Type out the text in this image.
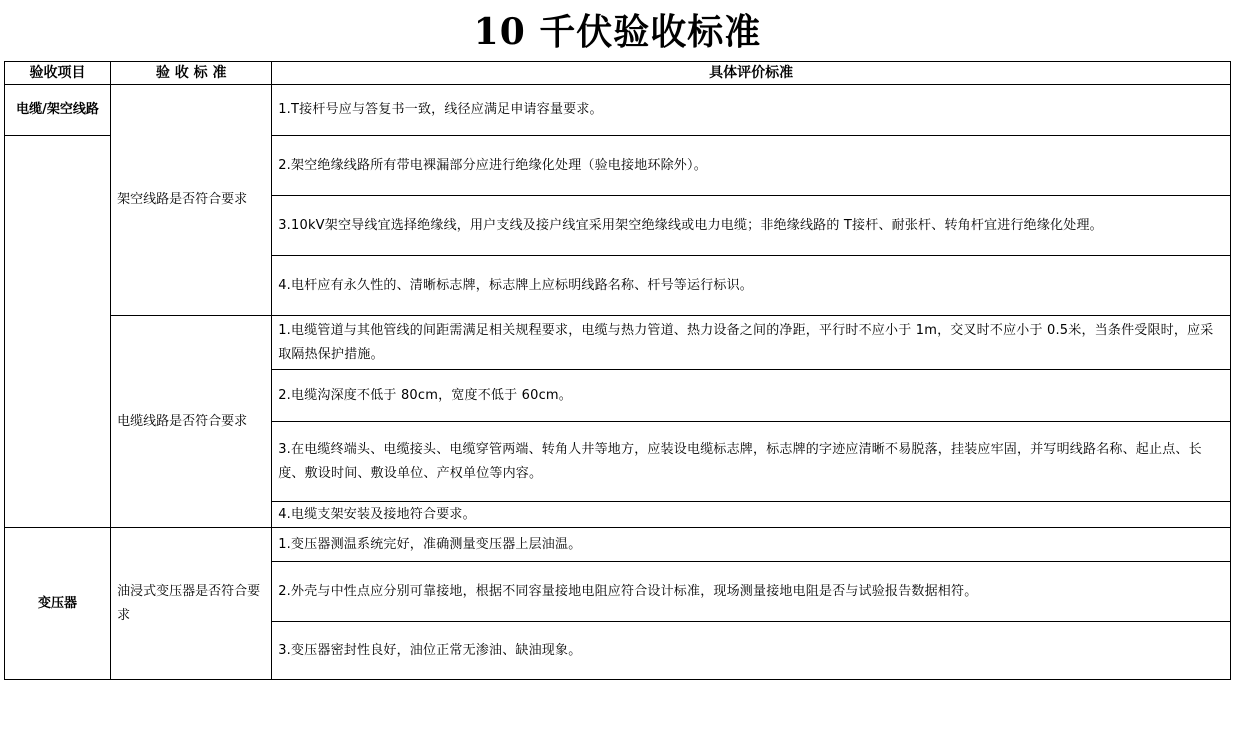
10 千伏验收标准
验收项目	验 收 标 准	具体评价标准
电缆/架空线路	架空线路是否符合要求	1.T接杆号应与答复书一致，线径应满足申请容量要求。
		2.架空绝缘线路所有带电裸漏部分应进行绝缘化处理（验电接地环除外）。
		3.10kV架空导线宜选择绝缘线，用户支线及接户线宜采用架空绝缘线或电力电缆；非绝缘线路的 T接杆、耐张杆、转角杆宜进行绝缘化处理。
		4.电杆应有永久性的、清晰标志牌，标志牌上应标明线路名称、杆号等运行标识。
	电缆线路是否符合要求	1.电缆管道与其他管线的间距需满足相关规程要求，电缆与热力管道、热力设备之间的净距，平行时不应小于 1m，交叉时不应小于 0.5米，当条件受限时，应采取隔热保护措施。
		2.电缆沟深度不低于 80cm，宽度不低于 60cm。
		3.在电缆终端头、电缆接头、电缆穿管两端、转角人井等地方，应装设电缆标志牌，标志牌的字迹应清晰不易脱落，挂装应牢固，并写明线路名称、起止点、长度、敷设时间、敷设单位、产权单位等内容。
		4.电缆支架安装及接地符合要求。
变压器	油浸式变压器是否符合要求	1.变压器测温系统完好，准确测量变压器上层油温。
		2.外壳与中性点应分别可靠接地，根据不同容量接地电阻应符合设计标准，现场测量接地电阻是否与试验报告数据相符。
		3.变压器密封性良好，油位正常无渗油、缺油现象。
